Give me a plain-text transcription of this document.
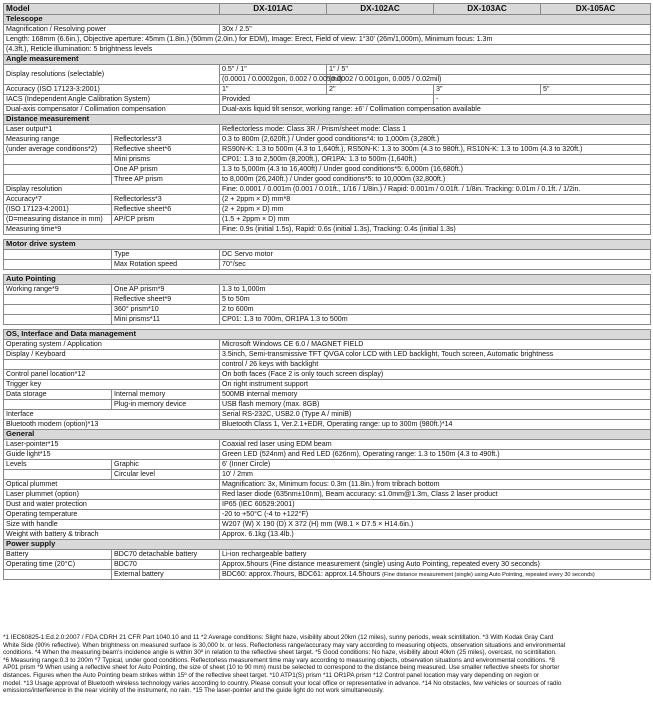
Model		DX-101AC	DX-102AC	DX-103AC	DX-105AC
Telescope					
Magnification / Resolving power		30x / 2.5"			
Length: 168mm (6.6in.), Objective aperture: 45mm (1.8in.) (50mm (2.0in.) for EDM), Image: Erect, Field of view: 1°30' (26m/1,000m), Minimum focus: 1.3m					
(4.3ft.), Reticle illumination: 5 brightness levels					
Angle measurement					
Display resolutions (selectable)		0.5" / 1"	1" / 5"		
		(0.0001 / 0.0002gon, 0.002 / 0.005mil)	(0.0002 / 0.001gon, 0.005 / 0.02mil)		
Accuracy (ISO 17123-3:2001)		1"	2"	3"	5"
IACS (Independent Angle Calibration System)		Provided		-	
Dual-axis compensator / Collimation compensation		Dual-axis liquid tilt sensor, working range: ±6' / Collimation compensation available			
Distance measurement					
Laser output*1		Reflectorless mode: Class 3R / Prism/sheet mode: Class 1			
Measuring range	Reflectorless*3	0.3 to 800m (2,620ft.) / Under good conditions*4: to 1,000m (3,280ft.)			
(under average conditions*2)	Reflective sheet*6	RS90N-K: 1.3 to 500m (4.3 to 1,640ft.), RS50N-K: 1.3 to 300m (4.3 to 980ft.), RS10N-K: 1.3 to 100m (4.3 to 320ft.)			
	Mini prisms	CP01: 1.3 to 2,500m (8,200ft.), OR1PA: 1.3 to 500m (1,640ft.)			
	One AP prism	1.3 to 5,000m (4.3 to 16,400ft) / Under good conditions*5: 6,000m (16,680ft.)			
	Three AP prism	to 8,000m (26,240ft.) / Under good conditions*5: to 10,000m (32,800ft.)			
Display resolution		Fine: 0.0001 / 0.001m (0.001 / 0.01ft., 1/16 / 1/8in.) / Rapid: 0.001m / 0.01ft. / 1/8in. Tracking: 0.01m / 0.1ft. / 1/2in.			
Accuracy*7	Reflectorless*3	(2 + 2ppm × D) mm*8			
(ISO 17123-4:2001)	Reflective sheet*6	(2 + 2ppm × D) mm			
(D=measuring distance in mm)	AP/CP prism	(1.5 + 2ppm × D) mm			
Measuring time*9		Fine: 0.9s (initial 1.5s), Rapid: 0.6s (initial 1.3s), Tracking: 0.4s (initial 1.3s)			

Motor drive system					
	Type	DC Servo motor			
	Max Rotation speed	70°/sec			

Auto Pointing					
Working range*9	One AP prism*9	1.3 to 1,000m			
	Reflective sheet*9	5 to 50m			
	360° prism*10	2 to 600m			
	Mini prisms*11	CP01: 1.3 to 700m, OR1PA 1.3 to 500m			

OS, Interface and Data management					
Operating system / Application		Microsoft Windows CE 6.0 / MAGNET FIELD			
Display / Keyboard		3.5inch, Semi-transmissive TFT QVGA color LCD with LED backlight, Touch screen, Automatic brightness			
		control / 26 keys with backlight			
Control panel location*12		On both faces (Face 2 is only touch screen display)			
Trigger key		On right instrument support			
Data storage	Internal memory	500MB internal memory			
	Plug-in memory device	USB flash memory (max. 8GB)			
Interface		Serial RS-232C, USB2.0 (Type A / miniB)			
Bluetooth modem (option)*13		Bluetooth Class 1, Ver.2.1+EDR, Operating range: up to 300m (980ft.)*14			
General					
Laser-pointer*15		Coaxial red laser using EDM beam			
Guide light*15		Green LED (524nm) and Red LED (626nm), Operating range: 1.3 to 150m (4.3 to 490ft.)			
Levels	Graphic	6' (Inner Circle)			
	Circular level	10' / 2mm			
Optical plummet		Magnification: 3x, Minimum focus: 0.3m (11.8in.) from tribrach bottom			
Laser plummet (option)		Red laser diode (635nm±10nm), Beam accuracy: ≤1.0mm@1.3m, Class 2 laser product			
Dust and water protection		IP65 (IEC 60529:2001)			
Operating temperature		-20 to +50°C (-4 to +122°F)			
Size with handle		W207 (W) X 190 (D) X 372 (H) mm (W8.1 × D7.5 × H14.6in.)			
Weight with battery & tribrach		Approx. 6.1kg (13.4lb.)			
Power supply					
Battery	BDC70 detachable battery	Li-ion rechargeable battery			
Operating time (20°C)	BDC70	Approx.5hours (Fine distance measurement (single) using Auto Pointing, repeated every 30 seconds)			
	External battery	BDC60: approx.7hours, BDC61: approx.14.5hours (Fine distance measurement (single) using Auto Pointing, repeated every 30 seconds)			
*1 IEC60825-1:Ed.2.0:2007 / FDA CDRH 21 CFR Part 1040.10 and 11 *2 Average conditions: Slight haze, visibility about 20km (12 miles), sunny periods, weak scintillation. *3 With Kodak Gray Card
White Side (90% reflective). When brightness on measured surface is 30,000 lx. or less. Reflectorless range/accuracy may vary according to measuring objects, observation situations and environmental
conditions. *4 When the measuring beam's incidence angle is within 30º in relation to the reflective sheet target. *5 Good conditions: No haze, visibility about 40km (25 miles), overcast, no scintillation.
*6 Measuring range:0.3 to 200m *7 Typical, under good conditions. Reflectorless measurement time may vary according to measuring objects, observation situations and environmental conditions. *8
AP01 prism *9 When using a reflective sheet for Auto Pointing, the size of sheet (10 to 90 mm) must be selected to correspond to the distance being measured. Use smaller reflective sheets for shorter
distances. Figures when the Auto Pointing beam strikes within 15º of the reflective sheet target. *10 ATP1(S) prism *11 OR1PA prism *12 Control panel location may vary depending on region or
model. *13 Usage approval of Bluetooth wireless technology varies according to country. Please consult your local office or representative in advance. *14 No obstacles, few vehicles or sources of radio
emissions/interference in the near vicinity of the instrument, no rain. *15 The laser-pointer and the guide light do not work simultaneously.
